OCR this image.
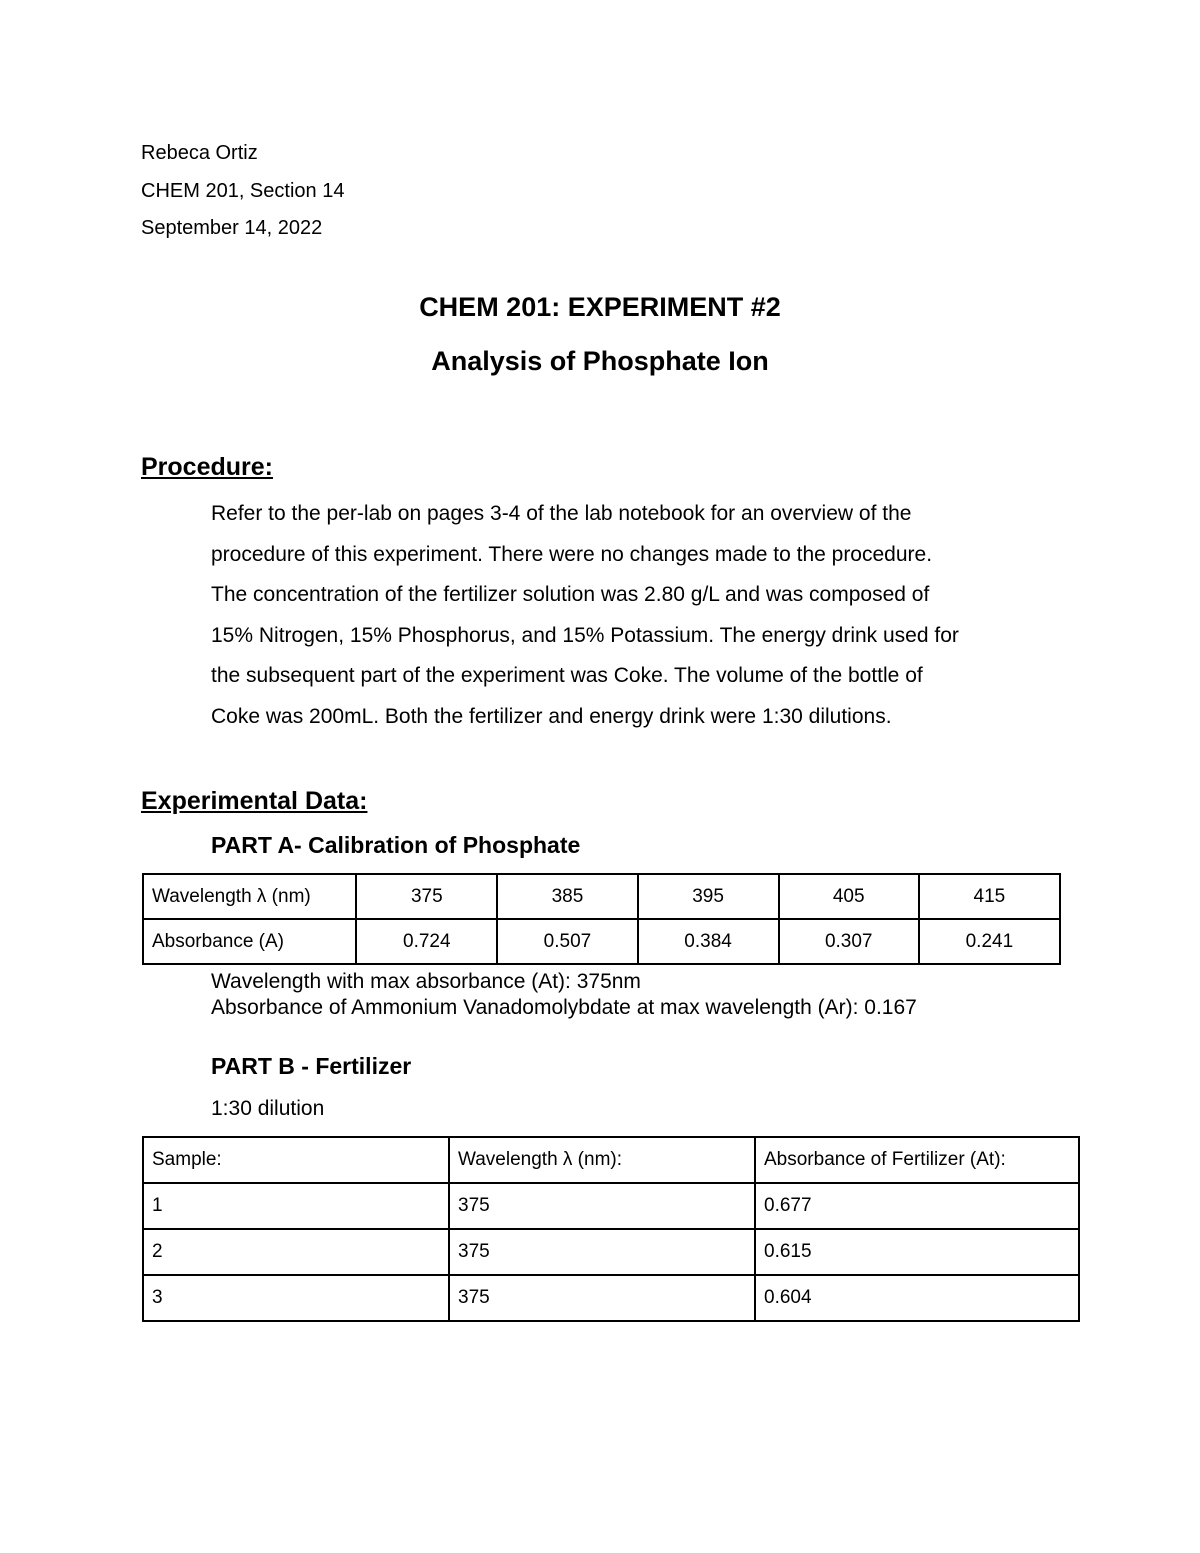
Rebeca Ortiz
CHEM 201, Section 14
September 14, 2022
CHEM 201: EXPERIMENT #2
Analysis of Phosphate Ion
Procedure:
Refer to the per-lab on pages 3-4 of the lab notebook for an overview of the
procedure of this experiment. There were no changes made to the procedure.
The concentration of the fertilizer solution was 2.80 g/L and was composed of
15% Nitrogen, 15% Phosphorus, and 15% Potassium. The energy drink used for
the subsequent part of the experiment was Coke. The volume of the bottle of
Coke was 200mL. Both the fertilizer and energy drink were 1:30 dilutions.
Experimental Data:
PART A- Calibration of Phosphate
Wavelength λ (nm)	375	385	395	405	415
Absorbance (A)	0.724	0.507	0.384	0.307	0.241
Wavelength with max absorbance (At): 375nm
Absorbance of Ammonium Vanadomolybdate at max wavelength (Ar): 0.167
PART B - Fertilizer
1:30 dilution
Sample:	Wavelength λ (nm):	Absorbance of Fertilizer (At):
1	375	0.677
2	375	0.615
3	375	0.604
